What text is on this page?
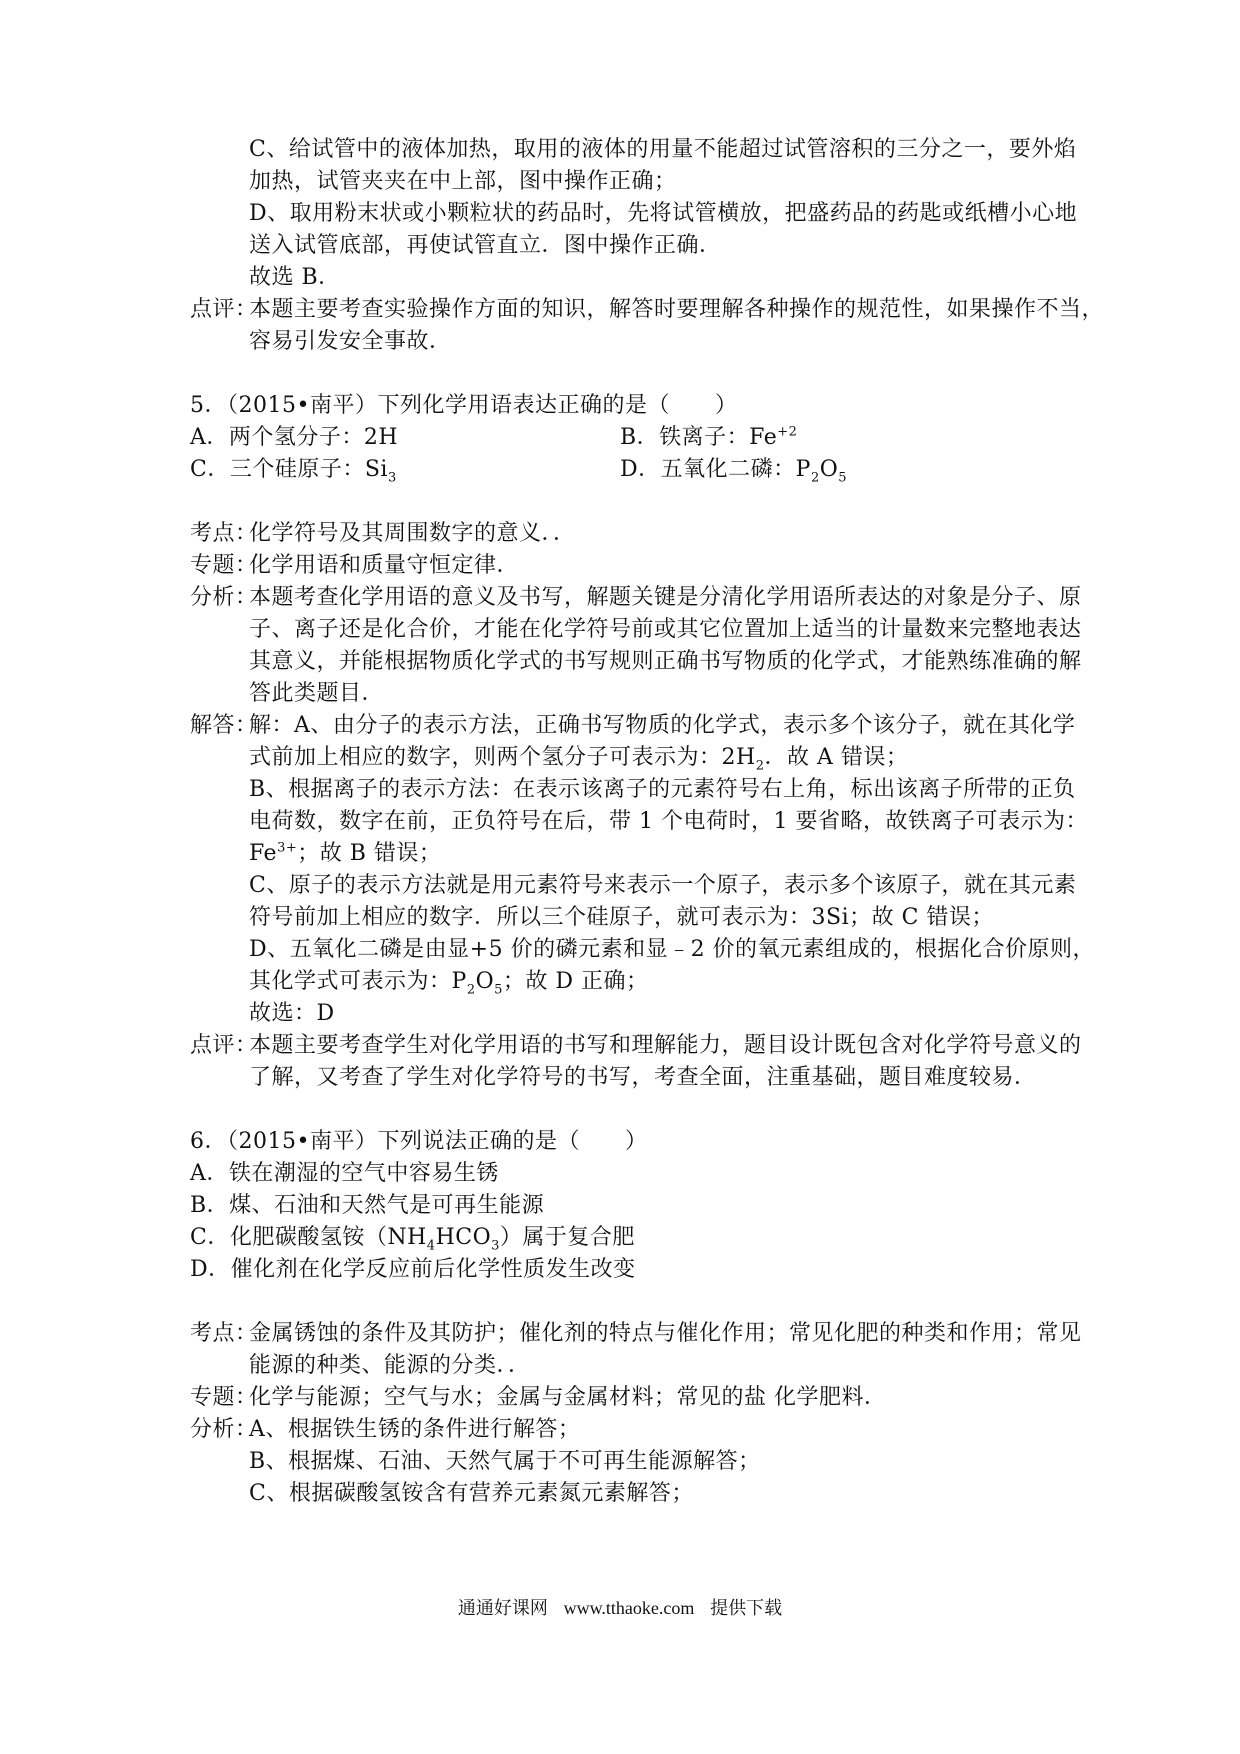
C、给试管中的液体加热，取用的液体的用量不能超过试管溶积的三分之一，要外焰
加热，试管夹夹在中上部，图中操作正确；
D、取用粉末状或小颗粒状的药品时，先将试管横放，把盛药品的药匙或纸槽小心地
送入试管底部，再使试管直立．图中操作正确．
故选 B．
点评：本题主要考查实验操作方面的知识，解答时要理解各种操作的规范性，如果操作不当，
容易引发安全事故．
5．（2015•南平）下列化学用语表达正确的是（　　）
A．两个氢分子：2H	B．铁离子：$Fe^{+2}$
C．三个硅原子：$Si_3$	D．五氧化二磷：$P_2O_5$
考点：化学符号及其周围数字的意义．．
专题：化学用语和质量守恒定律．
分析：本题考查化学用语的意义及书写，解题关键是分清化学用语所表达的对象是分子、原
子、离子还是化合价，才能在化学符号前或其它位置加上适当的计量数来完整地表达
其意义，并能根据物质化学式的书写规则正确书写物质的化学式，才能熟练准确的解
答此类题目．
解答：解：A、由分子的表示方法，正确书写物质的化学式，表示多个该分子，就在其化学
式前加上相应的数字，则两个氢分子可表示为：$2H_2$．故 A 错误；
B、根据离子的表示方法：在表示该离子的元素符号右上角，标出该离子所带的正负
电荷数，数字在前，正负符号在后，带 1 个电荷时，1 要省略，故铁离子可表示为：
$Fe^{3+}$；故 B 错误；
C、原子的表示方法就是用元素符号来表示一个原子，表示多个该原子，就在其元素
符号前加上相应的数字．所以三个硅原子，就可表示为：3Si；故 C 错误；
D、五氧化二磷是由显+5 价的磷元素和显﹣2 价的氧元素组成的，根据化合价原则，
其化学式可表示为：$P_2O_5$；故 D 正确；
故选：D
点评：本题主要考查学生对化学用语的书写和理解能力，题目设计既包含对化学符号意义的
了解，又考查了学生对化学符号的书写，考查全面，注重基础，题目难度较易．
6．（2015•南平）下列说法正确的是（　　）
A．铁在潮湿的空气中容易生锈
B．煤、石油和天然气是可再生能源
C．化肥碳酸氢铵$(NH_4HCO_3)$属于复合肥
D．催化剂在化学反应前后化学性质发生改变
考点：金属锈蚀的条件及其防护；催化剂的特点与催化作用；常见化肥的种类和作用；常见
能源的种类、能源的分类．．
专题：化学与能源；空气与水；金属与金属材料；常见的盐 化学肥料．
分析：A、根据铁生锈的条件进行解答；
B、根据煤、石油、天然气属于不可再生能源解答；
C、根据碳酸氢铵含有营养元素氮元素解答；
通通好课网 www.tthaoke.com 提供下载
